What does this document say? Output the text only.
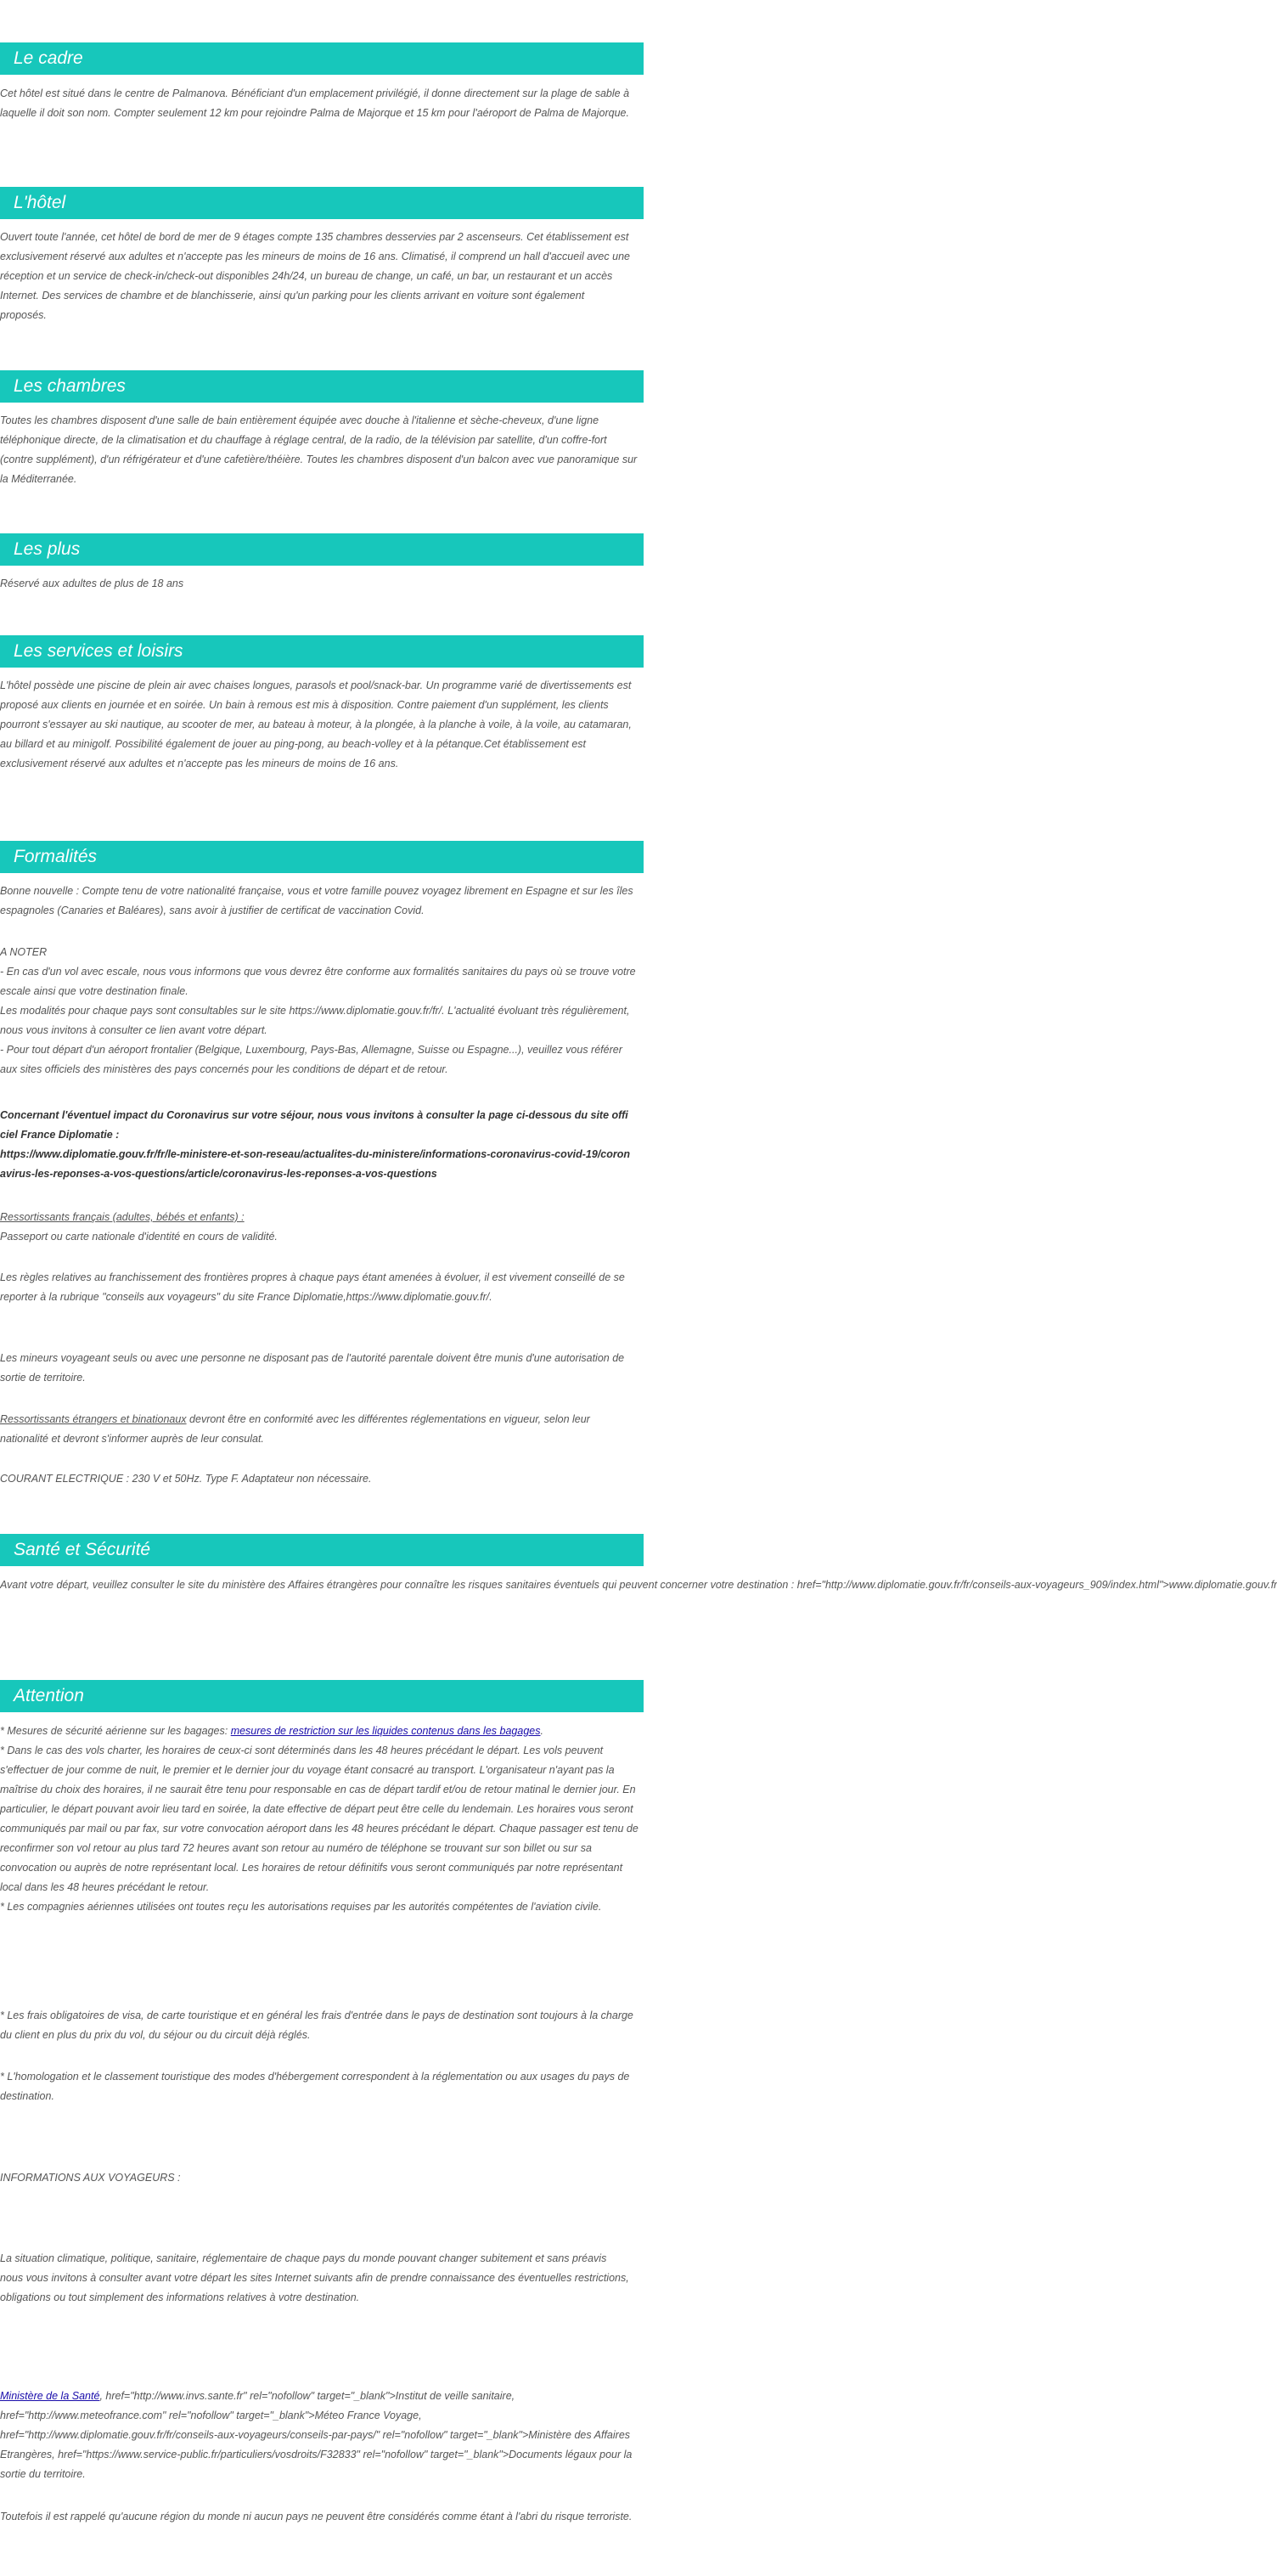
Le cadre

Cet hôtel est situé dans le centre de Palmanova. Bénéficiant d'un emplacement privilégié, il donne directement sur la plage de sable à laquelle il doit son nom. Compter seulement 12 km pour rejoindre Palma de Majorque et 15 km pour l'aéroport de Palma de Majorque.

L'hôtel

Ouvert toute l'année, cet hôtel de bord de mer de 9 étages compte 135 chambres desservies par 2 ascenseurs. Cet établissement est exclusivement réservé aux adultes et n'accepte pas les mineurs de moins de 16 ans. Climatisé, il comprend un hall d'accueil avec une réception et un service de check-in/check-out disponibles 24h/24, un bureau de change, un café, un bar, un restaurant et un accès Internet. Des services de chambre et de blanchisserie, ainsi qu'un parking pour les clients arrivant en voiture sont également proposés.

Les chambres

Toutes les chambres disposent d'une salle de bain entièrement équipée avec douche à l'italienne et sèche-cheveux, d'une ligne téléphonique directe, de la climatisation et du chauffage à réglage central, de la radio, de la télévision par satellite, d'un coffre-fort (contre supplément), d'un réfrigérateur et d'une cafetière/théière. Toutes les chambres disposent d'un balcon avec vue panoramique sur la Méditerranée.

Les plus

Réservé aux adultes de plus de 18 ans

Les services et loisirs

L'hôtel possède une piscine de plein air avec chaises longues, parasols et pool/snack-bar. Un programme varié de divertissements est proposé aux clients en journée et en soirée. Un bain à remous est mis à disposition. Contre paiement d'un supplément, les clients pourront s'essayer au ski nautique, au scooter de mer, au bateau à moteur, à la plongée, à la planche à voile, à la voile, au catamaran, au billard et au minigolf. Possibilité également de jouer au ping-pong, au beach-volley et à la pétanque.Cet établissement est exclusivement réservé aux adultes et n'accepte pas les mineurs de moins de 16 ans.

Formalités

Bonne nouvelle : Compte tenu de votre nationalité française, vous et votre famille pouvez voyagez librement en Espagne et sur les îles espagnoles (Canaries et Baléares), sans avoir à justifier de certificat de vaccination Covid.

A NOTER
- En cas d'un vol avec escale, nous vous informons que vous devrez être conforme aux formalités sanitaires du pays où se trouve votre escale ainsi que votre destination finale.
Les modalités pour chaque pays sont consultables sur le site https://www.diplomatie.gouv.fr/fr/. L'actualité évoluant très régulièrement, nous vous invitons à consulter ce lien avant votre départ.
- Pour tout départ d'un aéroport frontalier (Belgique, Luxembourg, Pays-Bas, Allemagne, Suisse ou Espagne...), veuillez vous référer aux sites officiels des ministères des pays concernés pour les conditions de départ et de retour.

Concernant l'éventuel impact du Coronavirus sur votre séjour, nous vous invitons à consulter la page ci-dessous du site officiel France Diplomatie :
https://www.diplomatie.gouv.fr/fr/le-ministere-et-son-reseau/actualites-du-ministere/informations-coronavirus-covid-19/coronavirus-les-reponses-a-vos-questions/article/coronavirus-les-reponses-a-vos-questions

Ressortissants français (adultes, bébés et enfants) :

Passeport ou carte nationale d'identité en cours de validité.

Les règles relatives au franchissement des frontières propres à chaque pays étant amenées à évoluer, il est vivement conseillé de se reporter à la rubrique "conseils aux voyageurs" du site France Diplomatie,https://www.diplomatie.gouv.fr/.

Les mineurs voyageant seuls ou avec une personne ne disposant pas de l'autorité parentale doivent être munis d'une autorisation de sortie de territoire.

Ressortissants étrangers et binationaux devront être en conformité avec les différentes réglementations en vigueur, selon leur nationalité et devront s'informer auprès de leur consulat.

COURANT ELECTRIQUE : 230 V et 50Hz. Type F. Adaptateur non nécessaire.

Santé et Sécurité

Avant votre départ, veuillez consulter le site du ministère des Affaires étrangères pour connaître les risques sanitaires éventuels qui peuvent concerner votre destination : href="http://www.diplomatie.gouv.fr/fr/conseils-aux-voyageurs_909/index.html">www.diplomatie.gouv.fr

Attention

* Mesures de sécurité aérienne sur les bagages: mesures de restriction sur les liquides contenus dans les bagages.

* Dans le cas des vols charter, les horaires de ceux-ci sont déterminés dans les 48 heures précédant le départ. Les vols peuvent s'effectuer de jour comme de nuit, le premier et le dernier jour du voyage étant consacré au transport. L'organisateur n'ayant pas la maîtrise du choix des horaires, il ne saurait être tenu pour responsable en cas de départ tardif et/ou de retour matinal le dernier jour. En particulier, le départ pouvant avoir lieu tard en soirée, la date effective de départ peut être celle du lendemain. Les horaires vous seront communiqués par mail ou par fax, sur votre convocation aéroport dans les 48 heures précédant le départ. Chaque passager est tenu de reconfirmer son vol retour au plus tard 72 heures avant son retour au numéro de téléphone se trouvant sur son billet ou sur sa convocation ou auprès de notre représentant local. Les horaires de retour définitifs vous seront communiqués par notre représentant local dans les 48 heures précédant le retour.
* Les compagnies aériennes utilisées ont toutes reçu les autorisations requises par les autorités compétentes de l'aviation civile.

* Les frais obligatoires de visa, de carte touristique et en général les frais d'entrée dans le pays de destination sont toujours à la charge du client en plus du prix du vol, du séjour ou du circuit déjà réglés.

* L'homologation et le classement touristique des modes d'hébergement correspondent à la réglementation ou aux usages du pays de destination.

INFORMATIONS AUX VOYAGEURS :

La situation climatique, politique, sanitaire, réglementaire de chaque pays du monde pouvant changer subitement et sans préavis
nous vous invitons à consulter avant votre départ les sites Internet suivants afin de prendre connaissance des éventuelles restrictions, obligations ou tout simplement des informations relatives à votre destination.

Ministère de la Santé, href="http://www.invs.sante.fr" rel="nofollow" target="_blank">Institut de veille sanitaire, href="http://www.meteofrance.com" rel="nofollow" target="_blank">Méteo France Voyage, href="http://www.diplomatie.gouv.fr/fr/conseils-aux-voyageurs/conseils-par-pays/" rel="nofollow" target="_blank">Ministère des Affaires Etrangères, href="https://www.service-public.fr/particuliers/vosdroits/F32833" rel="nofollow" target="_blank">Documents légaux pour la sortie du territoire.

Toutefois il est rappelé qu'aucune région du monde ni aucun pays ne peuvent être considérés comme étant à l'abri du risque terroriste.
